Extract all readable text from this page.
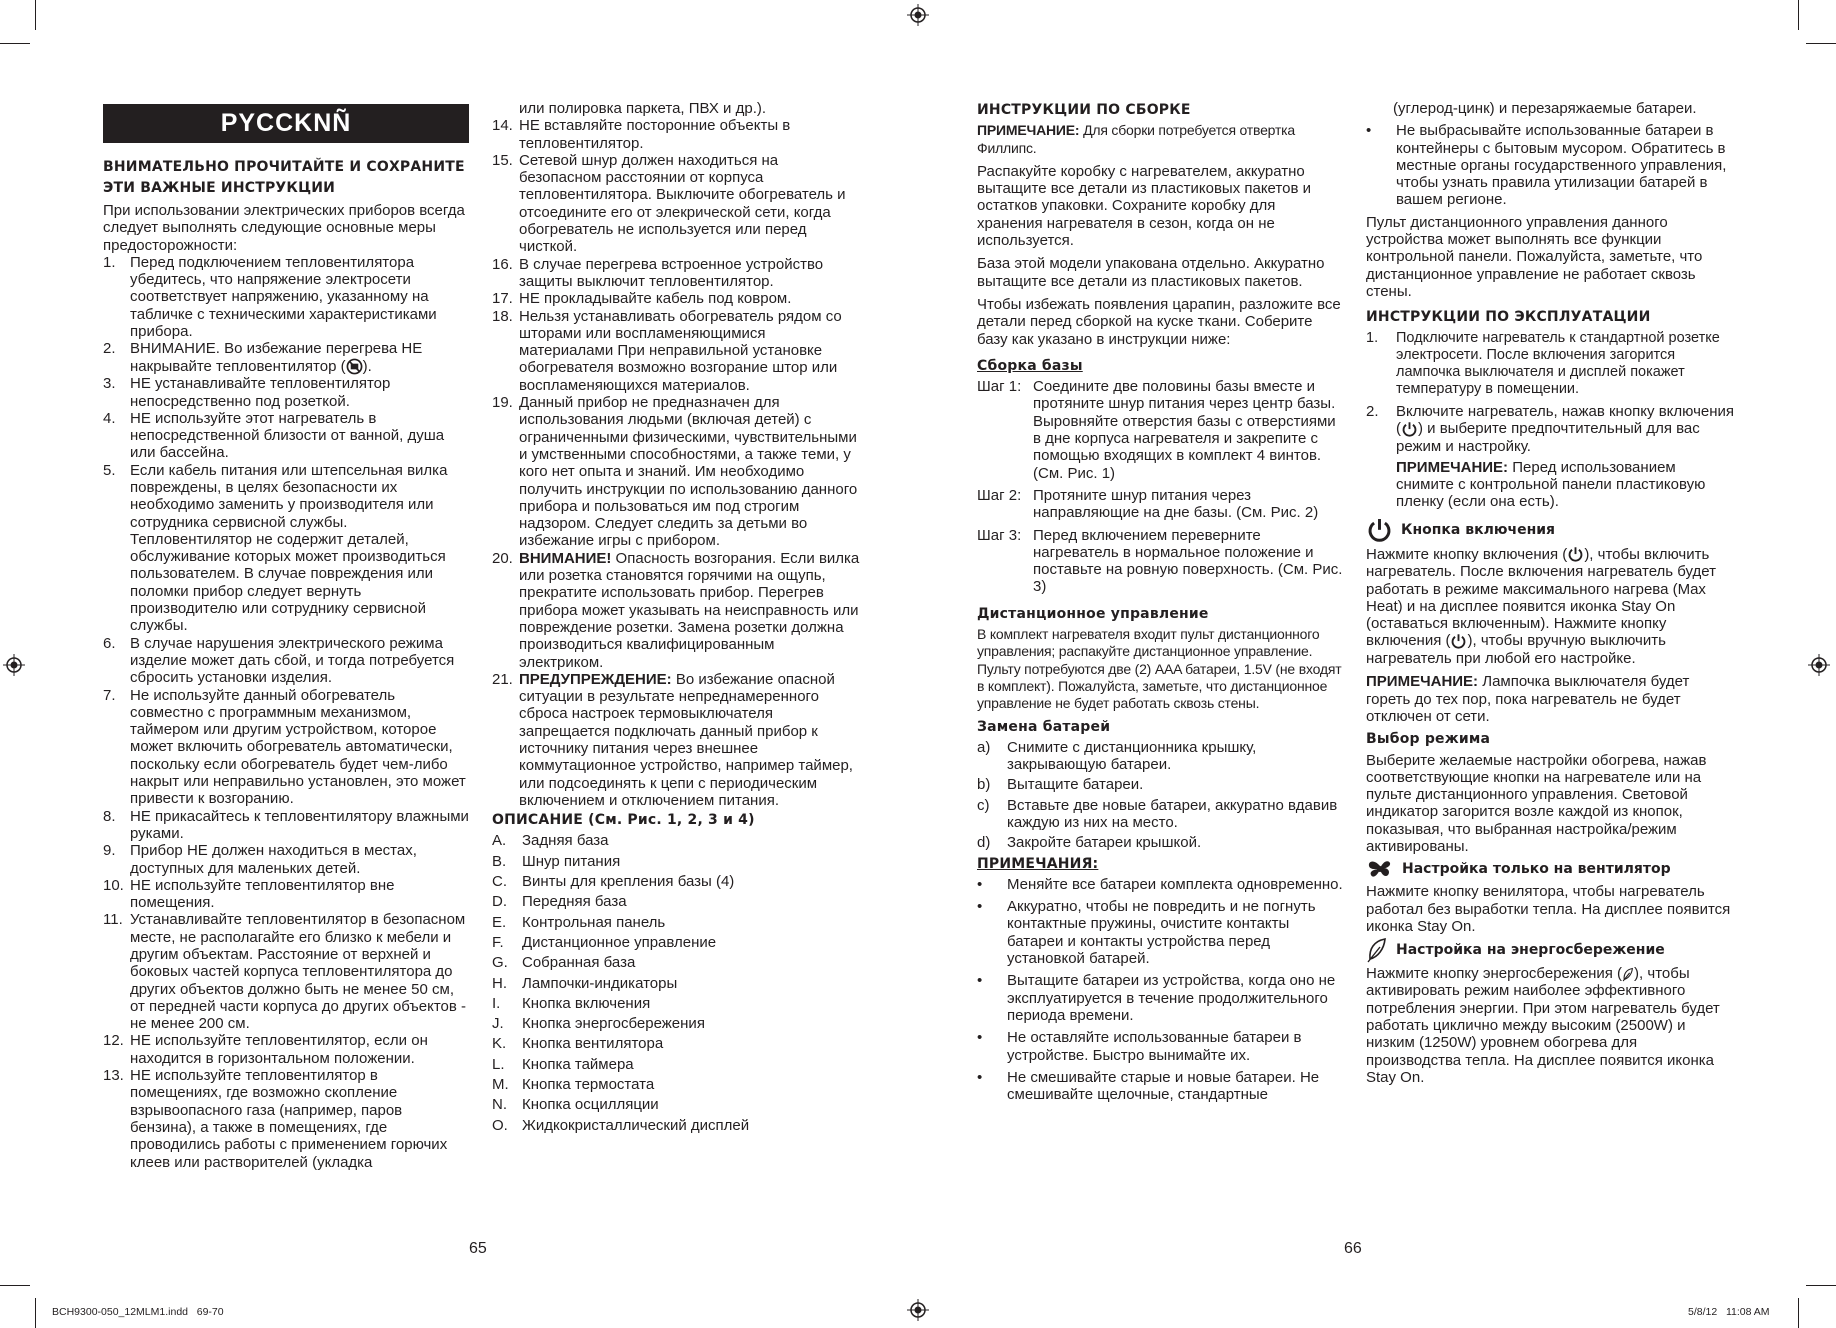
PYCCKNÑ
ВНИМАТЕЛЬНО ПРОЧИТАЙТЕ И СОХРАНИТЕ ЭТИ ВАЖНЫЕ ИНСТРУКЦИИ

При использовании электрических приборов всегда следует выполнять следующие основные меры предосторожности:

1. Перед подключением тепловентилятора убедитесь, что напряжение электросети соответствует напряжению, указанному на табличке с техническими характеристиками прибора.
2. ВНИМАНИЕ. Во избежание перегрева НЕ накрывайте тепловентилятор ( ).
3. НЕ устанавливайте тепловентилятор непосредственно под розеткой.
4. НЕ используйте этот нагреватель в непосредственной близости от ванной, душа или бассейна.
5. Если кабель питания или штепсельная вилка повреждены, в целях безопасности их необходимо заменить у производителя или сотрудника сервисной службы. Тепловентилятор не содержит деталей, обслуживание которых может производиться пользователем. В случае повреждения или поломки прибор следует вернуть производителю или сотруднику сервисной службы.
6. В случае нарушения электрического режима изделие может дать сбой, и тогда потребуется сбросить установки изделия.
7. Не используйте данный обогреватель совместно с программным механизмом, таймером или другим устройством, которое может включить обогреватель автоматически, поскольку если обогреватель будет чем-либо накрыт или неправильно установлен, это может привести к возгоранию.
8. НЕ прикасайтесь к тепловентилятору влажными руками.
9. Прибор НЕ должен находиться в местах, доступных для маленьких детей.
10. НЕ используйте тепловентилятор вне помещения.
11. Устанавливайте тепловентилятор в безопасном месте, не располагайте его близко к мебели и другим объектам. Расстояние от верхней и боковых частей корпуса тепловентилятора до других объектов должно быть не менее 50 см, от передней части корпуса до других объектов - не менее 200 см.
12. НЕ используйте тепловентилятор, если он находится в горизонтальном положении.
13. НЕ используйте тепловентилятор в помещениях, где возможно скопление взрывоопасного газа (например, паров бензина), а также в помещениях, где проводились работы с применением горючих клеев или растворителей (укладка
или полировка паркета, ПВХ и др.).
14. НЕ вставляйте посторонние объекты в тепловентилятор.
15. Сетевой шнур должен находиться на безопасном расстоянии от корпуса тепловентилятора. Выключите обогреватель и отсоедините его от элекрической сети, когда обогреватель не используется или перед чисткой.
16. В случае перегрева встроенное устройство защиты выключит тепловентилятор.
17. НЕ прокладывайте кабель под ковром.
18. Нельзя устанавливать обогреватель рядом со шторами или воспламеняющимися материалами При неправильной установке обогревателя возможно возгорание штор или воспламеняющихся материалов.
19. Данный прибор не предназначен для использования людьми (включая детей) с ограниченными физическими, чувствительными и умственными способностями, а также теми, у кого нет опыта и знаний. Им необходимо получить инструкции по использованию данного прибора и пользоваться им под строгим надзором. Следует следить за детьми во избежание игры с прибором.
20. ВНИМАНИЕ! Опасность возгорания. Если вилка или розетка становятся горячими на ощупь, прекратите использовать прибор. Перегрев прибора может указывать на неисправность или повреждение розетки. Замена розетки должна производиться квалифицированным электриком.
21. ПРЕДУПРЕЖДЕНИЕ: Во избежание опасной ситуации в результате непреднамеренного сброса настроек термовыключателя запрещается подключать данный прибор к источнику питания через внешнее коммутационное устройство, например таймер, или подсоединять к цепи с периодическим включением и отключением питания.
ОПИСАНИЕ (См. Рис. 1, 2, 3 и 4)
A. Задняя база
B. Шнур питания
C. Винты для крепления базы (4)
D. Передняя база
E. Контрольная панель
F. Дистанционное управление
G. Собранная база
H. Лампочки-индикаторы
I. Кнопка включения
J. Кнопка энергосбережения
K. Кнопка вентилятора
L. Кнопка таймера
M. Кнопка термостата
N. Кнопка осцилляции
O. Жидкокристаллический дисплей
ИНСТРУКЦИИ ПО СБОРКЕ

ПРИМЕЧАНИЕ: Для сборки потребуется отвертка Филлипс.

Распакуйте коробку с нагревателем, аккуратно вытащите все детали из пластиковых пакетов и остатков упаковки. Сохраните коробку для хранения нагревателя в сезон, когда он не используется.

База этой модели упакована отдельно. Аккуратно вытащите все детали из пластиковых пакетов.

Чтобы избежать появления царапин, разложите все детали перед сборкой на куске ткани. Соберите базу как указано в инструкции ниже:

Сборка базы
Шаг 1: Соедините две половины базы вместе и протяните шнур питания через центр базы. Выровняйте отверстия базы с отверстиями в дне корпуса нагревателя и закрепите с помощью входящих в комплект 4 винтов. (См. Рис. 1)
Шаг 2: Протяните шнур питания через направляющие на дне базы. (См. Рис. 2)
Шаг 3: Перед включением переверните нагреватель в нормальное положение и поставьте на ровную поверхность. (См. Рис. 3)
Дистанционное управление

В комплект нагревателя входит пульт дистанционного управления; распакуйте дистанционное управление. Пульту потребуются две (2) AAA батареи, 1.5V (не входят в комплект). Пожалуйста, заметьте, что дистанционное управление не будет работать сквозь стены.

Замена батарей
a) Снимите с дистанционника крышку, закрывающую батареи.
b) Вытащите батареи.
c) Вставьте две новые батареи, аккуратно вдавив каждую из них на место.
d) Закройте батареи крышкой.
ПРИМЕЧАНИЯ:
• Меняйте все батареи комплекта одновременно.
• Аккуратно, чтобы не повредить и не погнуть контактные пружины, очистите контакты батареи и контакты устройства перед установкой батарей.
• Вытащите батареи из устройства, когда оно не эксплуатируется в течение продолжительного периода времени.
• Не оставляйте использованные батареи в устройстве. Быстро вынимайте их.
• Не смешивайте старые и новые батареи. Не смешивайте щелочные, стандартные
(углерод-цинк) и перезаряжаемые батареи.
• Не выбрасывайте использованные батареи в контейнеры с бытовым мусором. Обратитесь в местные органы государственного управления, чтобы узнать правила утилизации батарей в вашем регионе.

Пульт дистанционного управления данного устройства может выполнять все функции контрольной панели. Пожалуйста, заметьте, что дистанционное управление не работает сквозь стены.

ИНСТРУКЦИИ ПО ЭКСПЛУАТАЦИИ
1. Подключите нагреватель к стандартной розетке электросети. После включения загорится лампочка выключателя и дисплей покажет температуру в помещении.
2. Включите нагреватель, нажав кнопку включения ( ) и выберите предпочтительный для вас режим и настройку.

ПРИМЕЧАНИЕ: Перед использованием снимите с контрольной панели пластиковую пленку (если она есть).

Кнопка включения

Нажмите кнопку включения ( ), чтобы включить нагреватель. После включения нагреватель будет работать в режиме максимального нагрева (Max Heat) и на дисплее появится иконка Stay On (оставаться включенным). Нажмите кнопку включения ( ), чтобы вручную выключить нагреватель при любой его настройке.

ПРИМЕЧАНИЕ: Лампочка выключателя будет гореть до тех пор, пока нагреватель не будет отключен от сети.

Выбор режима

Выберите желаемые настройки обогрева, нажав соответствующие кнопки на нагревателе или на пульте дистанционного управления. Световой индикатор загорится возле каждой из кнопок, показывая, что выбранная настройка/режим активированы.

Настройка только на вентилятор

Нажмите кнопку венилятора, чтобы нагреватель работал без выработки тепла. На дисплее появится иконка Stay On.

Настройка на энергосбережение

Нажмите кнопку энергосбережения ( ), чтобы активировать режим наиболее эффективного потребления энергии. При этом нагреватель будет работать циклично между высоким (2500W) и низким (1250W) уровнем обогрева для производства тепла. На дисплее появится иконка Stay On.

65	66
BCH9300-050_12MLM1.indd   69-70	5/8/12   11:08 AM
